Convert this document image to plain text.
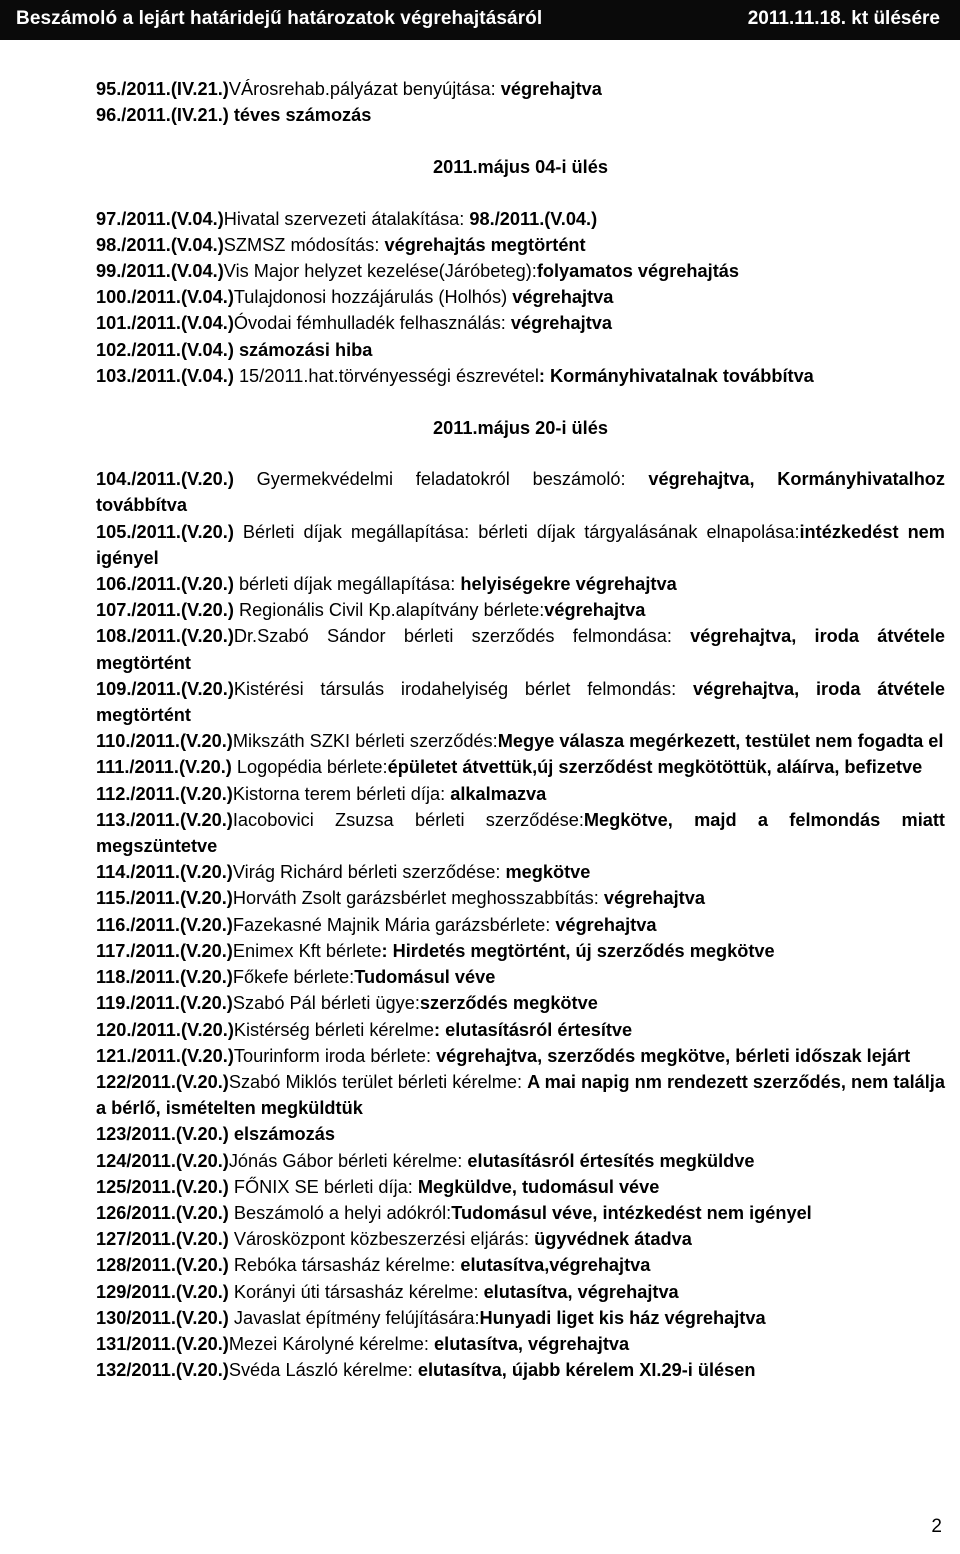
Beszámoló a lejárt határidejű határozatok végrehajtásáról	2011.11.18. kt ülésére

95./2011.(IV.21.)VÁrosrehab.pályázat benyújtása: végrehajtva

96./2011.(IV.21.) téves számozás

2011.május 04-i ülés

97./2011.(V.04.)Hivatal szervezeti átalakítása: 98./2011.(V.04.)

98./2011.(V.04.)SZMSZ módosítás: végrehajtás megtörtént

99./2011.(V.04.)Vis Major helyzet kezelése(Járóbeteg):folyamatos végrehajtás

100./2011.(V.04.)Tulajdonosi hozzájárulás (Holhós) végrehajtva

101./2011.(V.04.)Óvodai fémhulladék felhasználás: végrehajtva

102./2011.(V.04.) számozási hiba

103./2011.(V.04.) 15/2011.hat.törvényességi észrevétel: Kormányhivatalnak továbbítva

2011.május 20-i ülés

104./2011.(V.20.) Gyermekvédelmi feladatokról beszámoló: végrehajtva, Kormányhivatalhoz továbbítva

105./2011.(V.20.) Bérleti díjak megállapítása: bérleti díjak tárgyalásának elnapolása:intézkedést nem igényel

106./2011.(V.20.) bérleti díjak megállapítása: helyiségekre végrehajtva

107./2011.(V.20.) Regionális Civil Kp.alapítvány bérlete:végrehajtva

108./2011.(V.20.)Dr.Szabó Sándor bérleti szerződés felmondása: végrehajtva, iroda átvétele megtörtént

109./2011.(V.20.)Kistérési társulás irodahelyiség bérlet felmondás: végrehajtva, iroda átvétele megtörtént

110./2011.(V.20.)Mikszáth SZKI bérleti szerződés:Megye válasza megérkezett, testület nem fogadta el

111./2011.(V.20.) Logopédia bérlete:épületet átvettük,új szerződést megkötöttük, aláírva, befizetve

112./2011.(V.20.)Kistorna terem bérleti díja: alkalmazva

113./2011.(V.20.)Iacobovici Zsuzsa bérleti szerződése:Megkötve, majd a felmondás miatt megszüntetve

114./2011.(V.20.)Virág Richárd bérleti szerződése: megkötve

115./2011.(V.20.)Horváth Zsolt garázsbérlet meghosszabbítás: végrehajtva

116./2011.(V.20.)Fazekasné Majnik Mária garázsbérlete: végrehajtva

117./2011.(V.20.)Enimex Kft bérlete: Hirdetés megtörtént, új szerződés megkötve

118./2011.(V.20.)Főkefe bérlete:Tudomásul véve

119./2011.(V.20.)Szabó Pál bérleti ügye:szerződés megkötve

120./2011.(V.20.)Kistérség bérleti kérelme: elutasításról értesítve

121./2011.(V.20.)Tourinform iroda bérlete: végrehajtva, szerződés megkötve, bérleti időszak lejárt

122/2011.(V.20.)Szabó Miklós terület bérleti kérelme: A mai napig nm rendezett szerződés, nem találja a bérlő, ismételten megküldtük

123/2011.(V.20.) elszámozás

124/2011.(V.20.)Jónás Gábor bérleti kérelme: elutasításról értesítés megküldve

125/2011.(V.20.) FŐNIX SE bérleti díja: Megküldve, tudomásul véve

126/2011.(V.20.) Beszámoló a helyi adókról:Tudomásul véve, intézkedést nem igényel

127/2011.(V.20.) Városközpont közbeszerzési eljárás: ügyvédnek átadva

128/2011.(V.20.) Rebóka társasház kérelme: elutasítva,végrehajtva

129/2011.(V.20.) Korányi úti társasház kérelme: elutasítva, végrehajtva

130/2011.(V.20.) Javaslat építmény felújítására:Hunyadi liget kis ház végrehajtva

131/2011.(V.20.)Mezei Károlyné kérelme: elutasítva, végrehajtva

132/2011.(V.20.)Svéda László kérelme: elutasítva, újabb kérelem XI.29-i ülésen

2
